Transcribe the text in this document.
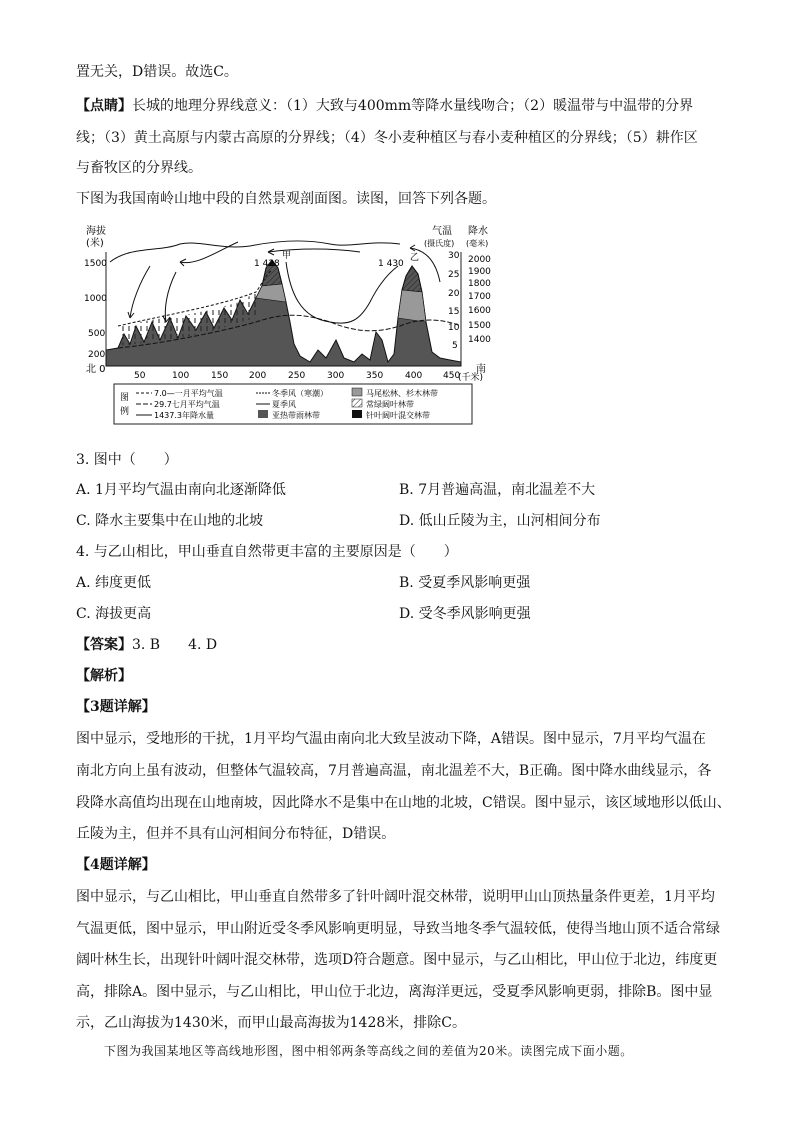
置无关，D错误。故选C。
【点睛】长城的地理分界线意义：（1）大致与400mm等降水量线吻合；（2）暖温带与中温带的分界
线；（3）黄土高原与内蒙古高原的分界线；（4）冬小麦种植区与春小麦种植区的分界线；（5）耕作区
与畜牧区的分界线。
下图为我国南岭山地中段的自然景观剖面图。读图，回答下列各题。
海拔
(米)
1500
1000
500
200
气温
(摄氏度)
降水
(毫米)
30
25
20
15
10
5
2000
1900
1800
1700
1600
1500
1400
北 0	南
50	100 150 200 250 300 350 400 450
(千米)
甲
1 428
乙
1 430
图
例
7.0—一月平均气温
29.7七月平均气温
1437.3年降水量
冬季风（寒潮）
夏季风
亚热带雨林带
马尾松林、杉木林带
常绿阔叶林带
针叶阔叶混交林带
3. 图中（　　）
A. 1月平均气温由南向北逐渐降低	B. 7月普遍高温，南北温差不大
C. 降水主要集中在山地的北坡	D. 低山丘陵为主，山河相间分布
4. 与乙山相比，甲山垂直自然带更丰富的主要原因是（　　）
A. 纬度更低	B. 受夏季风影响更强
C. 海拔更高	D. 受冬季风影响更强
【答案】3. B　　4. D
【解析】
【3题详解】
图中显示，受地形的干扰，1月平均气温由南向北大致呈波动下降，A错误。图中显示，7月平均气温在
南北方向上虽有波动，但整体气温较高，7月普遍高温，南北温差不大，B正确。图中降水曲线显示，各
段降水高值均出现在山地南坡，因此降水不是集中在山地的北坡，C错误。图中显示，该区域地形以低山、
丘陵为主，但并不具有山河相间分布特征，D错误。
【4题详解】
图中显示，与乙山相比，甲山垂直自然带多了针叶阔叶混交林带，说明甲山山顶热量条件更差，1月平均
气温更低，图中显示，甲山附近受冬季风影响更明显，导致当地冬季气温较低，使得当地山顶不适合常绿
阔叶林生长，出现针叶阔叶混交林带，选项D符合题意。图中显示，与乙山相比，甲山位于北边，纬度更
高，排除A。图中显示，与乙山相比，甲山位于北边，离海洋更远，受夏季风影响更弱，排除B。图中显
示，乙山海拔为1430米，而甲山最高海拔为1428米，排除C。
下图为我国某地区等高线地形图，图中相邻两条等高线之间的差值为20米。读图完成下面小题。
